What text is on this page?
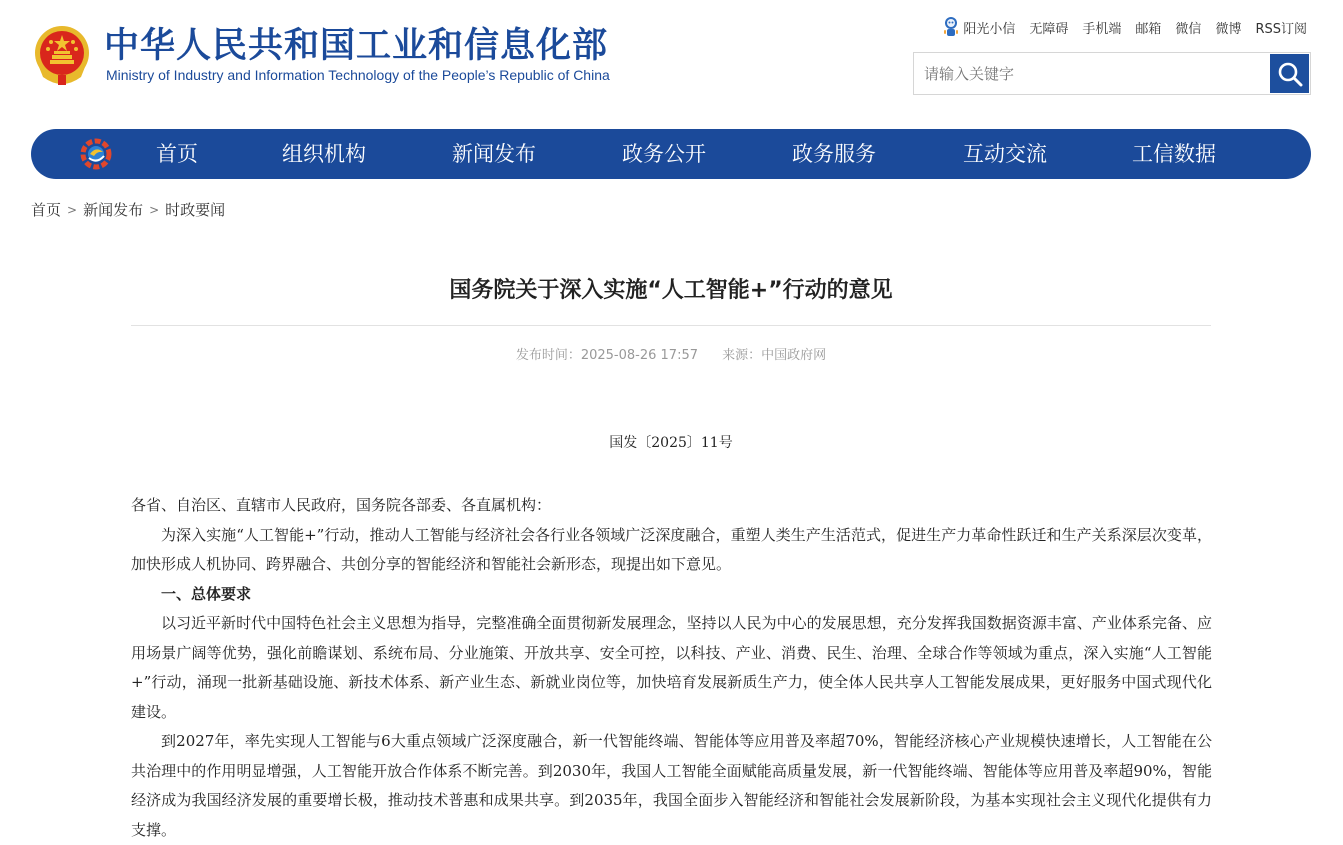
中华人民共和国工业和信息化部
Ministry of Industry and Information Technology of the People’s Republic of China
阳光小信 无障碍 手机端 邮箱 微信 微博 RSS订阅
请输入关键字
首页	组织机构	新闻发布	政务公开	政务服务	互动交流	工信数据
首页 > 新闻发布 > 时政要闻
国务院关于深入实施“人工智能+”行动的意见
发布时间：2025-08-26 17:57 来源：中国政府网
国发〔2025〕11号

各省、自治区、直辖市人民政府，国务院各部委、各直属机构：

为深入实施“人工智能+”行动，推动人工智能与经济社会各行业各领域广泛深度融合，重塑人类生产生活范式，促进生产力革命性跃迁和生产关系深层次变革，加快形成人机协同、跨界融合、共创分享的智能经济和智能社会新形态，现提出如下意见。

一、总体要求

以习近平新时代中国特色社会主义思想为指导，完整准确全面贯彻新发展理念，坚持以人民为中心的发展思想，充分发挥我国数据资源丰富、产业体系完备、应用场景广阔等优势，强化前瞻谋划、系统布局、分业施策、开放共享、安全可控，以科技、产业、消费、民生、治理、全球合作等领域为重点，深入实施“人工智能+”行动，涌现一批新基础设施、新技术体系、新产业生态、新就业岗位等，加快培育发展新质生产力，使全体人民共享人工智能发展成果，更好服务中国式现代化建设。

到2027年，率先实现人工智能与6大重点领域广泛深度融合，新一代智能终端、智能体等应用普及率超70%，智能经济核心产业规模快速增长，人工智能在公共治理中的作用明显增强，人工智能开放合作体系不断完善。到2030年，我国人工智能全面赋能高质量发展，新一代智能终端、智能体等应用普及率超90%，智能经济成为我国经济发展的重要增长极，推动技术普惠和成果共享。到2035年，我国全面步入智能经济和智能社会发展新阶段，为基本实现社会主义现代化提供有力支撑。
